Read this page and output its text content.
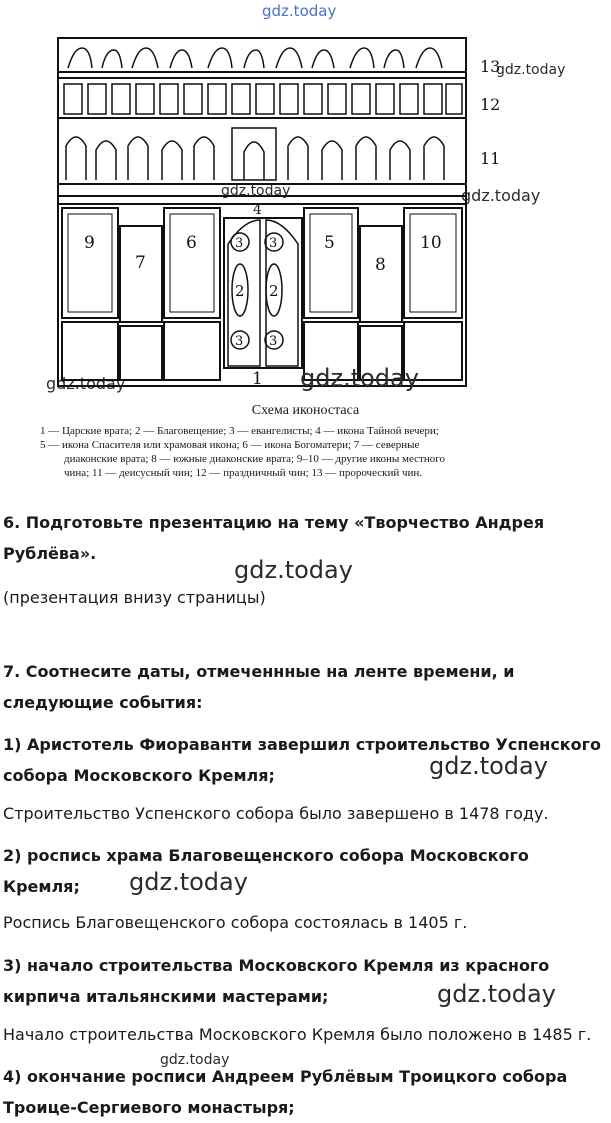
gdz.today
gdz.today
gdz.today	gdz.today
gdz.today
13
12
11
9
7
6	5
8
10
4
3 3
3 3
2 2
1 gdz.today
Схема иконостаса
1 — Царские врата; 2 — Благовещение; 3 — евангелисты; 4 — икона Тайной вечери;
5 — икона Спасителя или храмовая икона; 6 — икона Богоматери; 7 — северные
диаконские врата; 8 — южные диаконские врата; 9–10 — другие иконы местного
чина; 11 — деисусный чин; 12 — праздничный чин; 13 — пророческий чин.
6. Подготовьте презентацию на тему «Творчество Андрея
Рублёва».
gdz.today
(презентация внизу страницы)
7. Соотнесите даты, отмеченнные на ленте времени, и
следующие события:
1) Аристотель Фиораванти завершил строительство Успенского
собора Московского Кремля;	gdz.today
Строительство Успенского собора было завершено в 1478 году.
2) роспись храма Благовещенского собора Московского
Кремля;	gdz.today
Роспись Благовещенского собора состоялась в 1405 г.
3) начало строительства Московского Кремля из красного
кирпича итальянскими мастерами;	gdz.today
Начало строительства Московского Кремля было положено в 1485 г.
gdz.today
4) окончание росписи Андреем Рублёвым Троицкого собора
Троице-Сергиевого монастыря;
